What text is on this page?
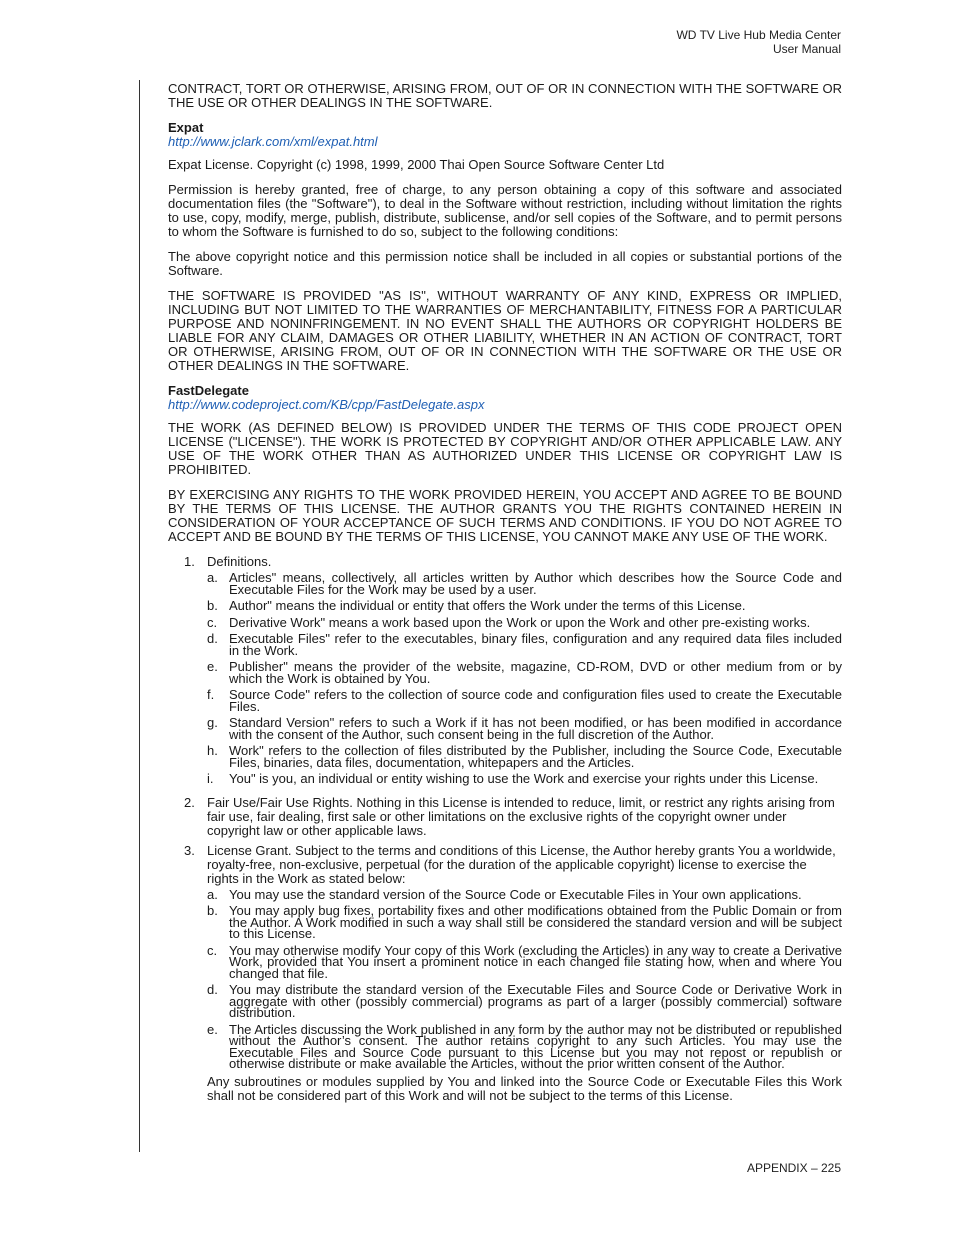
WD TV Live Hub Media Center
User Manual

CONTRACT, TORT OR OTHERWISE, ARISING FROM, OUT OF OR IN CONNECTION WITH THE SOFTWARE OR THE USE OR OTHER DEALINGS IN THE SOFTWARE.

Expat
http://www.jclark.com/xml/expat.html

Expat License. Copyright (c) 1998, 1999, 2000 Thai Open Source Software Center Ltd

Permission is hereby granted, free of charge, to any person obtaining a copy of this software and associated documentation files (the "Software"), to deal in the Software without restriction, including without limitation the rights to use, copy, modify, merge, publish, distribute, sublicense, and/or sell copies of the Software, and to permit persons to whom the Software is furnished to do so, subject to the following conditions:

The above copyright notice and this permission notice shall be included in all copies or substantial portions of the Software.

THE SOFTWARE IS PROVIDED "AS IS", WITHOUT WARRANTY OF ANY KIND, EXPRESS OR IMPLIED, INCLUDING BUT NOT LIMITED TO THE WARRANTIES OF MERCHANTABILITY, FITNESS FOR A PARTICULAR PURPOSE AND NONINFRINGEMENT. IN NO EVENT SHALL THE AUTHORS OR COPYRIGHT HOLDERS BE LIABLE FOR ANY CLAIM, DAMAGES OR OTHER LIABILITY, WHETHER IN AN ACTION OF CONTRACT, TORT OR OTHERWISE, ARISING FROM, OUT OF OR IN CONNECTION WITH THE SOFTWARE OR THE USE OR OTHER DEALINGS IN THE SOFTWARE.

FastDelegate
http://www.codeproject.com/KB/cpp/FastDelegate.aspx

THE WORK (AS DEFINED BELOW) IS PROVIDED UNDER THE TERMS OF THIS CODE PROJECT OPEN LICENSE ("LICENSE"). THE WORK IS PROTECTED BY COPYRIGHT AND/OR OTHER APPLICABLE LAW. ANY USE OF THE WORK OTHER THAN AS AUTHORIZED UNDER THIS LICENSE OR COPYRIGHT LAW IS PROHIBITED.

BY EXERCISING ANY RIGHTS TO THE WORK PROVIDED HEREIN, YOU ACCEPT AND AGREE TO BE BOUND BY THE TERMS OF THIS LICENSE. THE AUTHOR GRANTS YOU THE RIGHTS CONTAINED HEREIN IN CONSIDERATION OF YOUR ACCEPTANCE OF SUCH TERMS AND CONDITIONS. IF YOU DO NOT AGREE TO ACCEPT AND BE BOUND BY THE TERMS OF THIS LICENSE, YOU CANNOT MAKE ANY USE OF THE WORK.

1. Definitions.
a. Articles" means, collectively, all articles written by Author which describes how the Source Code and Executable Files for the Work may be used by a user.
b. Author" means the individual or entity that offers the Work under the terms of this License.
c. Derivative Work" means a work based upon the Work or upon the Work and other pre-existing works.
d. Executable Files" refer to the executables, binary files, configuration and any required data files included in the Work.
e. Publisher" means the provider of the website, magazine, CD-ROM, DVD or other medium from or by which the Work is obtained by You.
f. Source Code" refers to the collection of source code and configuration files used to create the Executable Files.
g. Standard Version" refers to such a Work if it has not been modified, or has been modified in accordance with the consent of the Author, such consent being in the full discretion of the Author.
h. Work" refers to the collection of files distributed by the Publisher, including the Source Code, Executable Files, binaries, data files, documentation, whitepapers and the Articles.
i. You" is you, an individual or entity wishing to use the Work and exercise your rights under this License.
2. Fair Use/Fair Use Rights. Nothing in this License is intended to reduce, limit, or restrict any rights arising from fair use, fair dealing, first sale or other limitations on the exclusive rights of the copyright owner under copyright law or other applicable laws.
3. License Grant. Subject to the terms and conditions of this License, the Author hereby grants You a worldwide, royalty-free, non-exclusive, perpetual (for the duration of the applicable copyright) license to exercise the rights in the Work as stated below:
a. You may use the standard version of the Source Code or Executable Files in Your own applications.
b. You may apply bug fixes, portability fixes and other modifications obtained from the Public Domain or from the Author. A Work modified in such a way shall still be considered the standard version and will be subject to this License.
c. You may otherwise modify Your copy of this Work (excluding the Articles) in any way to create a Derivative Work, provided that You insert a prominent notice in each changed file stating how, when and where You changed that file.
d. You may distribute the standard version of the Executable Files and Source Code or Derivative Work in aggregate with other (possibly commercial) programs as part of a larger (possibly commercial) software distribution.
e. The Articles discussing the Work published in any form by the author may not be distributed or republished without the Author’s consent. The author retains copyright to any such Articles. You may use the Executable Files and Source Code pursuant to this License but you may not repost or republish or otherwise distribute or make available the Articles, without the prior written consent of the Author.
Any subroutines or modules supplied by You and linked into the Source Code or Executable Files this Work shall not be considered part of this Work and will not be subject to the terms of this License.
APPENDIX – 225
